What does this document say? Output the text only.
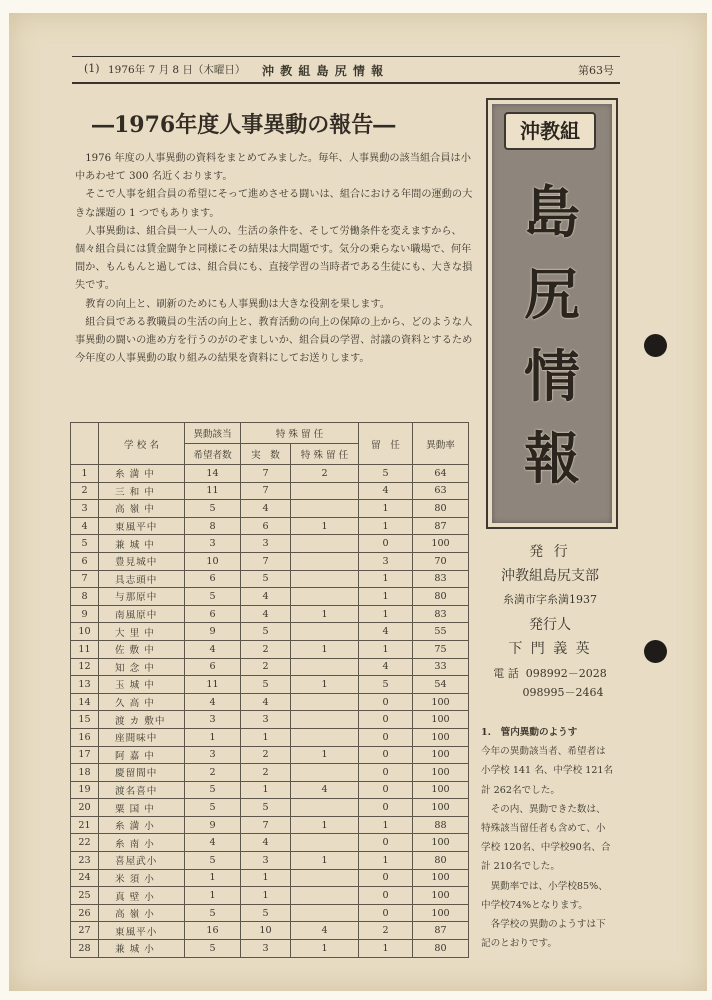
(1) 1976年 7 月 8 日（木曜日） 沖 教 組 島 尻 情 報	第63号
―1976年度人事異動の報告―

1976 年度の人事異動の資料をまとめてみました。毎年、人事異動の該当組合員は小中あわせて 300 名近くおります。

そこで人事を組合員の希望にそって進めさせる闘いは、組合における年間の運動の大きな課題の 1 つでもあります。

人事異動は、組合員一人一人の、生活の条件を、そして労働条件を変えますから、個々組合員には賃金闘争と同様にその結果は大問題です。気分の乗らない職場で、何年間か、もんもんと過しては、組合員にも、直接学習の当時者である生徒にも、大きな損失です。

教育の向上と、刷新のためにも人事異動は大きな役割を果します。

組合員である教職員の生活の向上と、教育活動の向上の保障の上から、どのような人事異動の闘いの進め方を行うのがのぞましいか、組合員の学習、討議の資料とするため今年度の人事異動の取り組みの結果を資料にしてお送りします。

沖教組
島
尻
情
報
発 行
沖教組島尻支部
糸満市字糸満1937
発行人
下 門 義 英
電 話 098992－2028
098995－2464
	学 校 名	異動該当	特 殊 留 任		留　任	異動率
		希望者数	実　数	特 殊 留 任		
1	糸 満 中	14	7	2	5	64
2	三 和 中	11	7		4	63
3	高 嶺 中	5	4		1	80
4	東風平中	8	6	1	1	87
5	兼 城 中	3	3		0	100
6	豊見城中	10	7		3	70
7	具志頭中	6	5		1	83
8	与那原中	5	4		1	80
9	南風原中	6	4	1	1	83
10	大 里 中	9	5		4	55
11	佐 敷 中	4	2	1	1	75
12	知 念 中	6	2		4	33
13	玉 城 中	11	5	1	5	54
14	久 高 中	4	4		0	100
15	渡 カ 敷中	3	3		0	100
16	座間味中	1	1		0	100
17	阿 嘉 中	3	2	1	0	100
18	慶留間中	2	2		0	100
19	渡名喜中	5	1	4	0	100
20	粟 国 中	5	5		0	100
21	糸 満 小	9	7	1	1	88
22	糸 南 小	4	4		0	100
23	喜屋武小	5	3	1	1	80
24	米 須 小	1	1		0	100
25	真 壁 小	1	1		0	100
26	高 嶺 小	5	5		0	100
27	東風平小	16	10	4	2	87
28	兼 城 小	5	3	1	1	80

1.　管内異動のようす

今年の異動該当者、希望者は

小学校 141 名、中学校 121名

計 262名でした。

　その内、異動できた数は、

特殊該当留任者も含めて、小

学校 120名、中学校90名、合

計 210名でした。

　異動率では、小学校85%、

中学校74%となります。

　各学校の異動のようすは下

記のとおりです。
